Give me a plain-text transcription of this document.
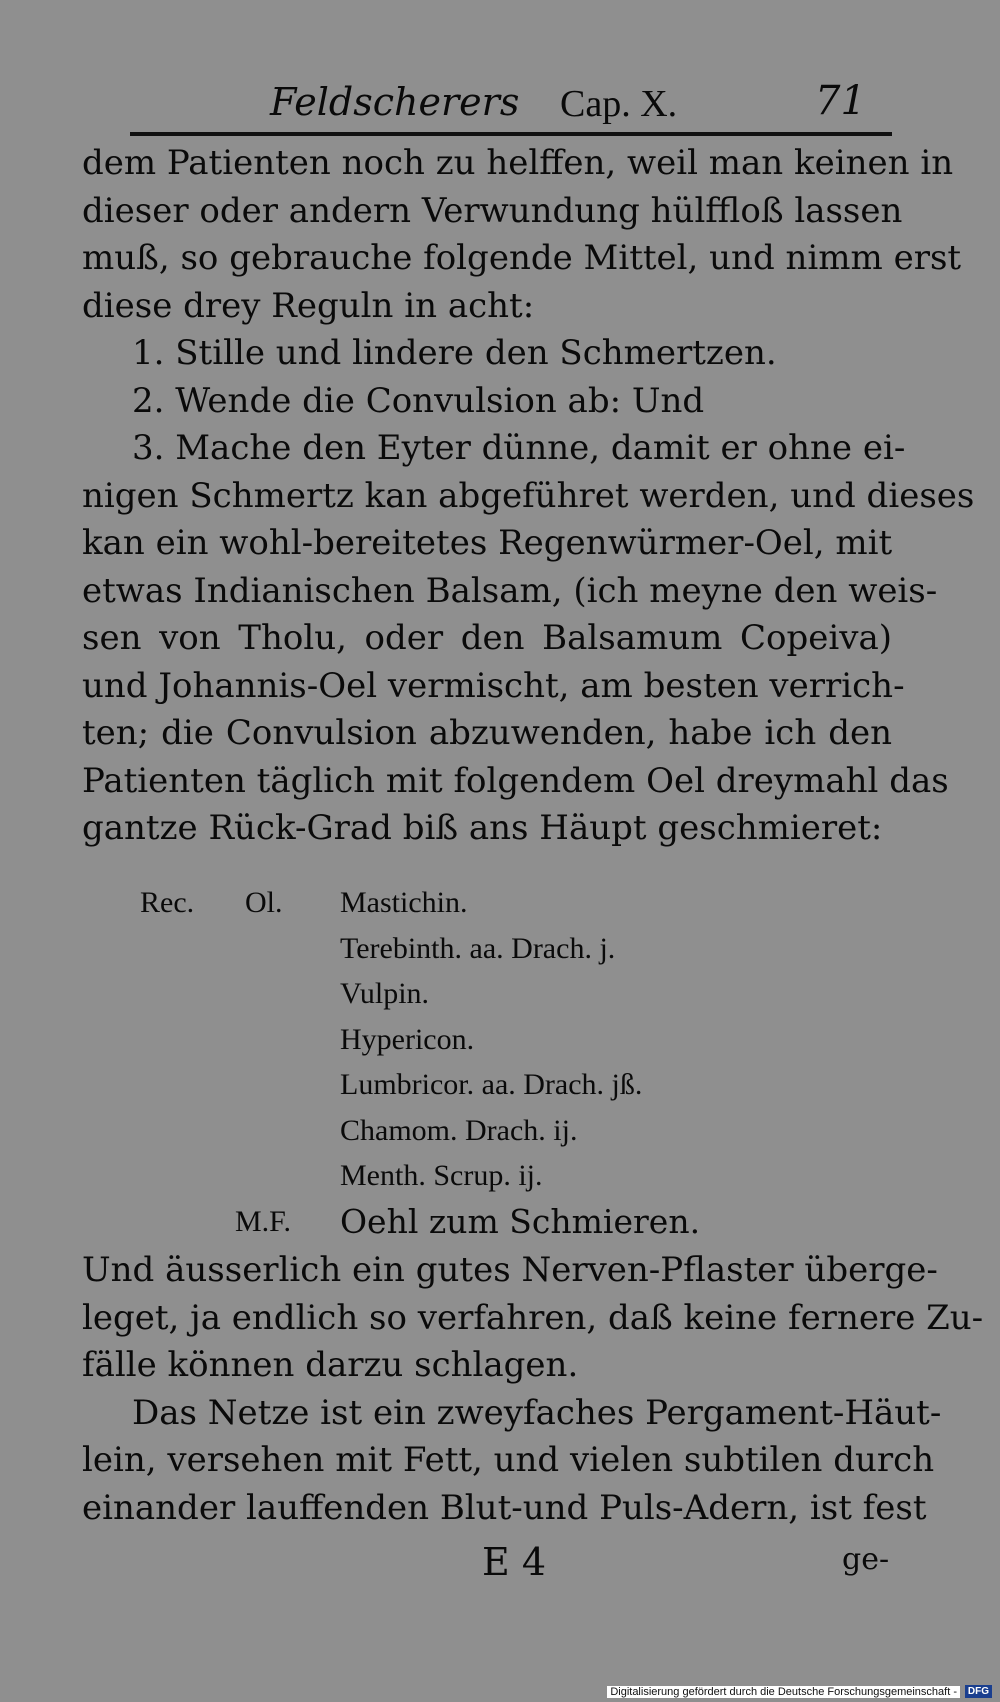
Feldscherers Cap. X.	71
dem Patienten noch zu helffen, weil man keinen in
dieser oder andern Verwundung hülffloß lassen
muß, so gebrauche folgende Mittel, und nimm erst
diese drey Reguln in acht:
1. Stille und lindere den Schmertzen.
2. Wende die Convulsion ab: Und
3. Mache den Eyter dünne, damit er ohne ei-
nigen Schmertz kan abgeführet werden, und dieses
kan ein wohl-bereitetes Regenwürmer-Oel, mit
etwas Indianischen Balsam, (ich meyne den weis-
sen von Tholu, oder den Balsamum Copeiva)
und Johannis-Oel vermischt, am besten verrich-
ten; die Convulsion abzuwenden, habe ich den
Patienten täglich mit folgendem Oel dreymahl das
gantze Rück-Grad biß ans Häupt geschmieret:
Rec. Ol. Mastichin.
Terebinth. aa. Drach. j.
Vulpin.
Hypericon.
Lumbricor. aa. Drach. jß.
Chamom. Drach. ij.
Menth. Scrup. ij.
M.F. Oehl zum Schmieren.
Und äusserlich ein gutes Nerven-Pflaster überge-
leget, ja endlich so verfahren, daß keine fernere Zu-
fälle können darzu schlagen.
Das Netze ist ein zweyfaches Pergament-Häut-
lein, versehen mit Fett, und vielen subtilen durch
einander lauffenden Blut-und Puls-Adern, ist fest
E 4	ge-
Digitalisierung gefördert durch die Deutsche Forschungsgemeinschaft -	DFG
